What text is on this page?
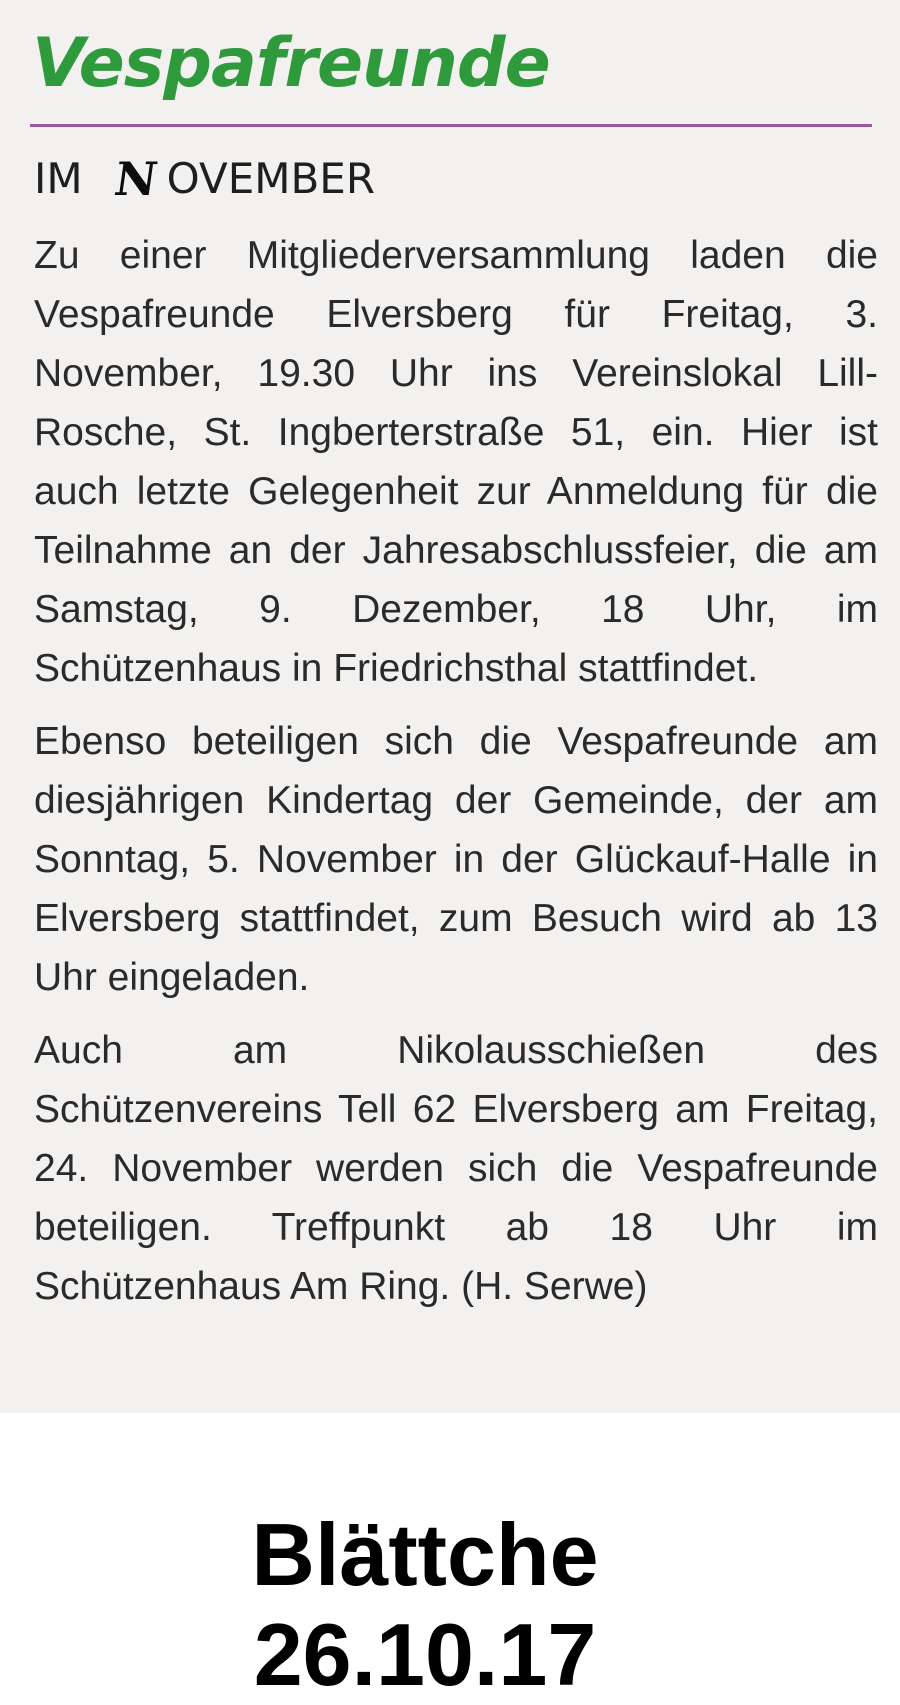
Vespafreunde
IM N OVEMBER

Zu einer Mitgliederversammlung laden die Vespafreunde Elversberg für Freitag, 3. November, 19.30 Uhr ins Vereinslokal Lill-Rosche, St. Ingberterstraße 51, ein. Hier ist auch letzte Gelegenheit zur Anmeldung für die Teilnahme an der Jahresabschlussfeier, die am Samstag, 9. Dezember, 18 Uhr, im Schützenhaus in Friedrichsthal stattfindet.

Ebenso beteiligen sich die Vespafreunde am diesjährigen Kindertag der Gemeinde, der am Sonntag, 5. November in der Glückauf-Halle in Elversberg stattfindet, zum Besuch wird ab 13 Uhr eingeladen.

Auch am Nikolausschießen des Schützenvereins Tell 62 Elversberg am Freitag, 24. November werden sich die Vespafreunde beteiligen. Treffpunkt ab 18 Uhr im Schützenhaus Am Ring. (H. Serwe)

Blättche
26.10.17
